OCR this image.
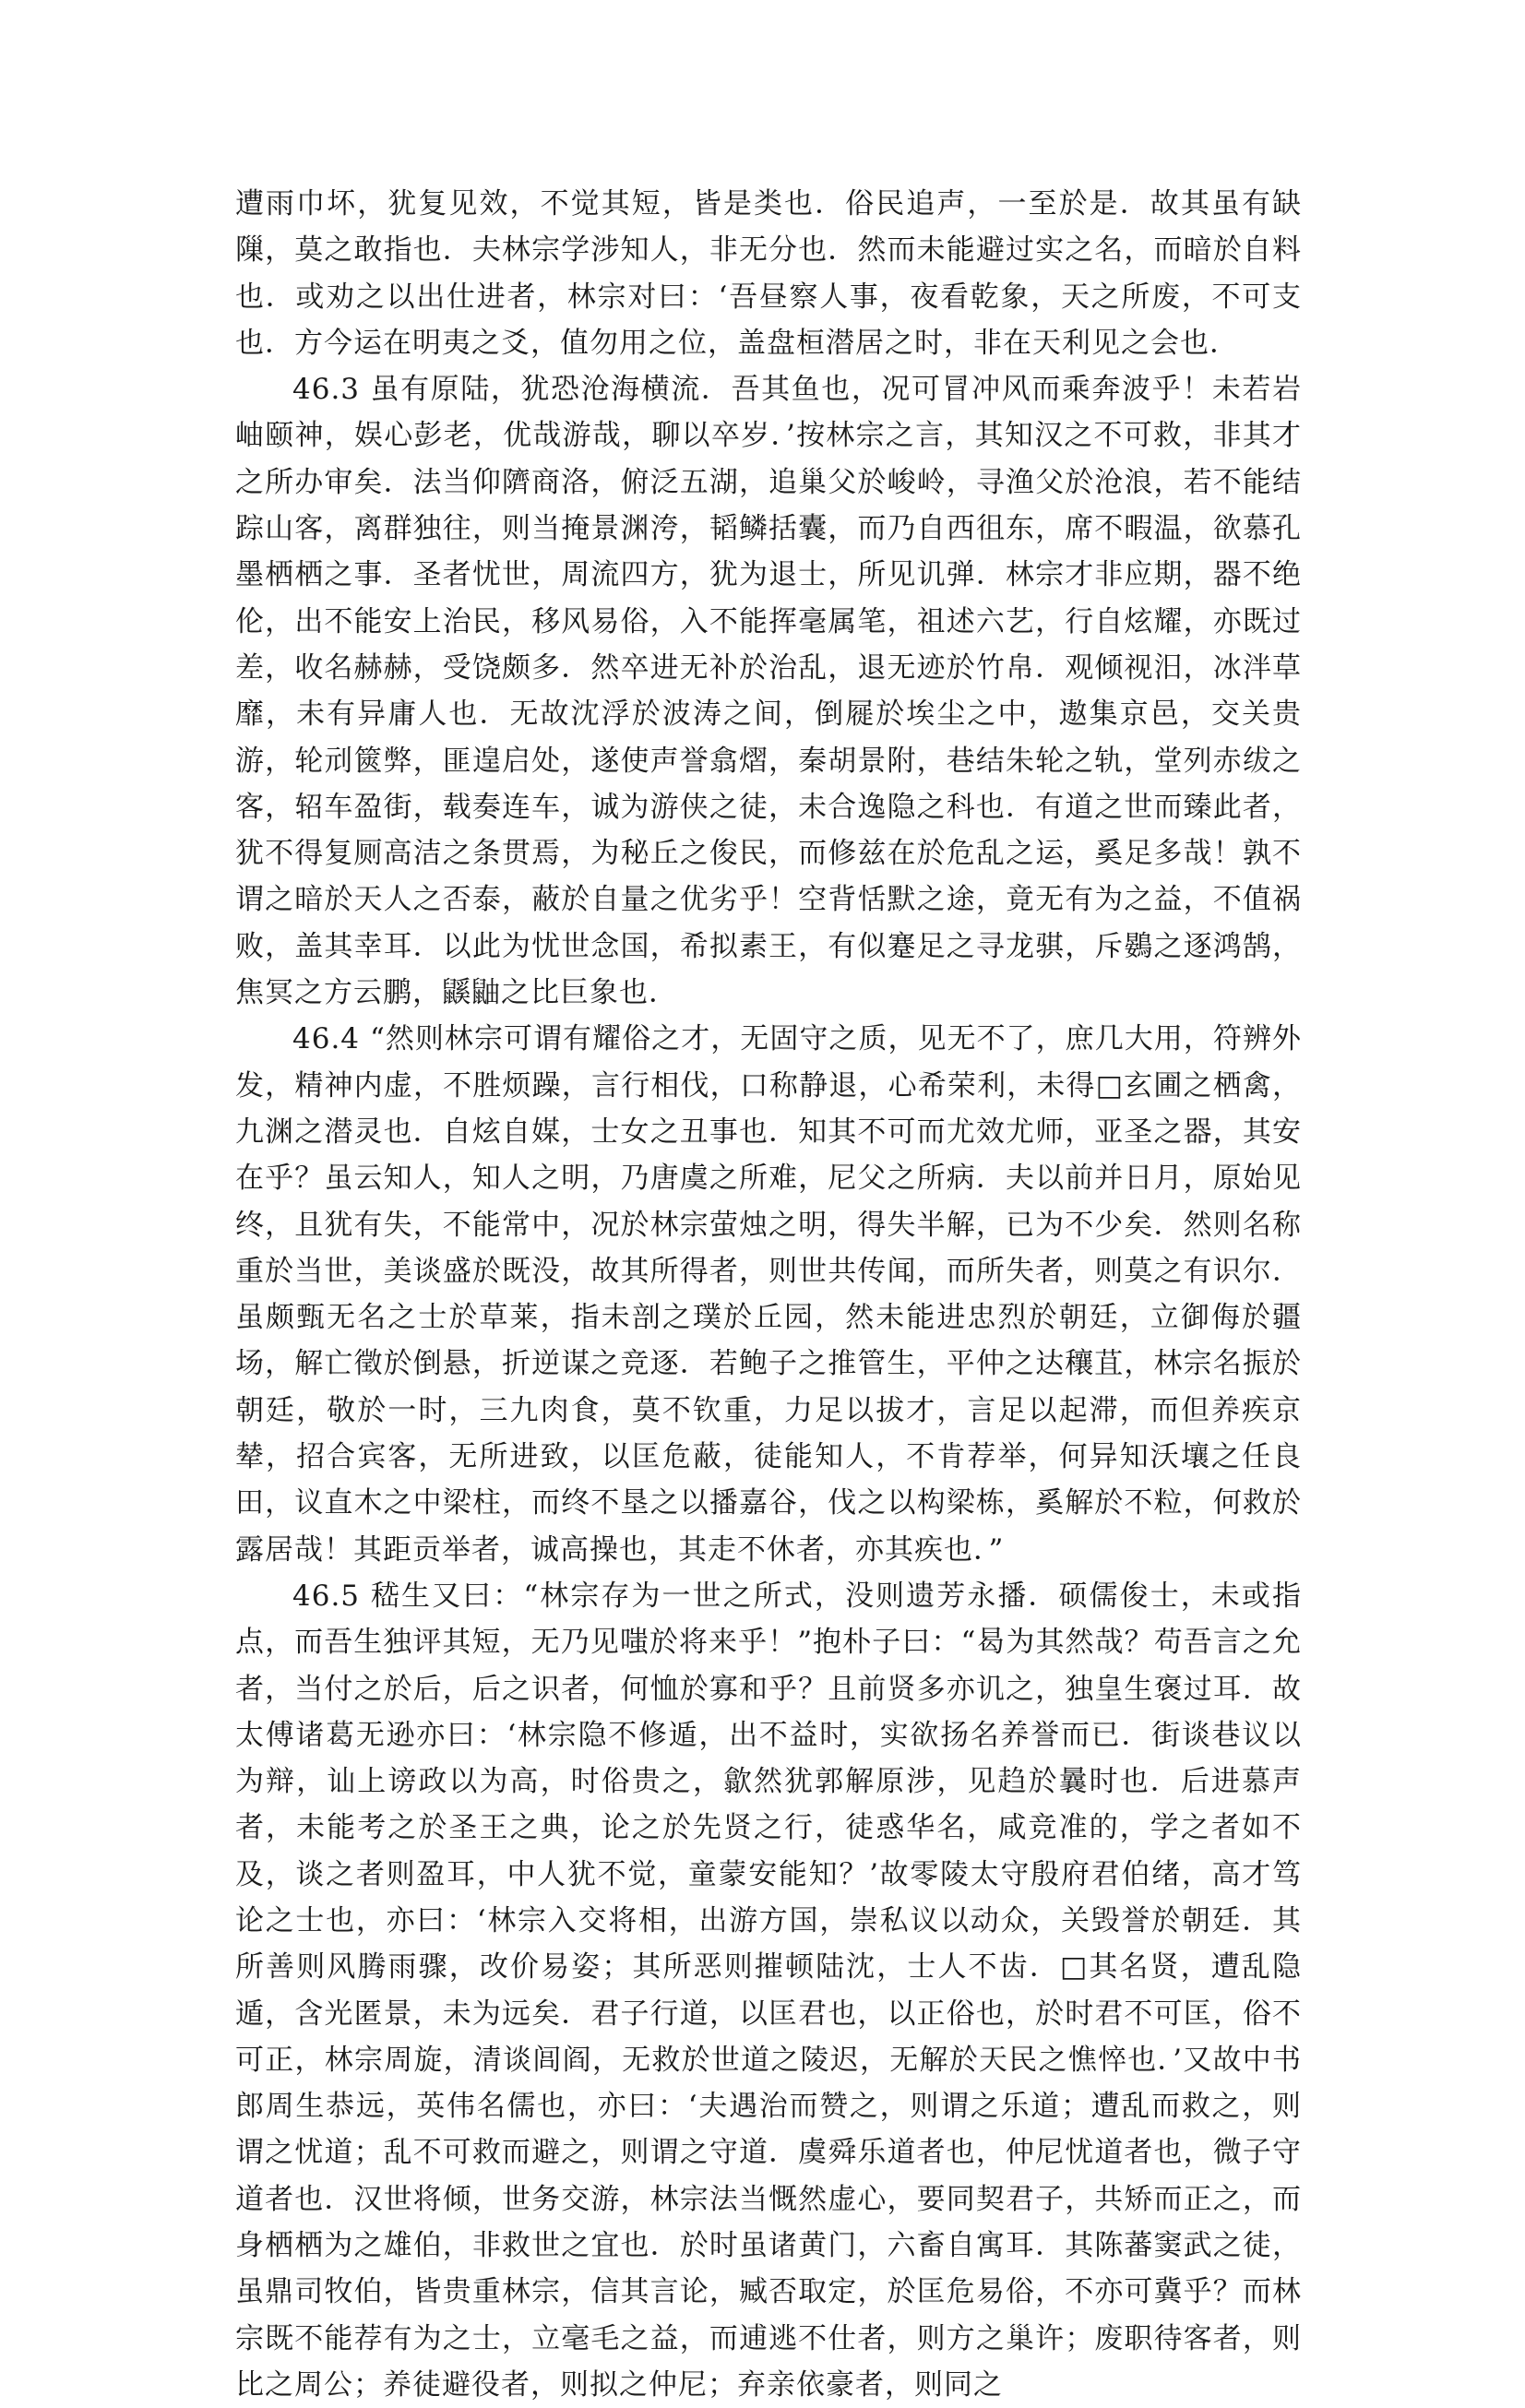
遭雨巾坏，犹复见效，不觉其短，皆是类也．俗民追声，一至於是．故其虽有缺隟，莫之敢指也．夫林宗学涉知人，非无分也．然而未能避过实之名，而暗於自料也．或劝之以出仕进者，林宗对曰：‘吾昼察人事，夜看乾象，天之所废，不可支也．方今运在明夷之爻，值勿用之位，盖盘桓潜居之时，非在天利见之会也．

46.3 虽有原陆，犹恐沧海横流．吾其鱼也，况可冒冲风而乘奔波乎！未若岩岫颐神，娱心彭老，优哉游哉，聊以卒岁．’按林宗之言，其知汉之不可救，非其才之所办审矣．法当仰隮商洛，俯泛五湖，追巢父於峻岭，寻渔父於沧浪，若不能结踪山客，离群独往，则当掩景渊洿，韬鳞括囊，而乃自西徂东，席不暇温，欲慕孔墨栖栖之事．圣者忧世，周流四方，犹为退士，所见讥弹．林宗才非应期，器不绝伦，出不能安上治民，移风易俗，入不能挥毫属笔，祖述六艺，行自炫耀，亦既过差，收名赫赫，受饶颇多．然卒进无补於治乱，退无迹於竹帛．观倾视汨，冰泮草靡，未有异庸人也．无故沈浮於波涛之间，倒屣於埃尘之中，遨集京邑，交关贵游，轮刓篋弊，匪遑启处，遂使声誉翕熠，秦胡景附，巷结朱轮之轨，堂列赤绂之客，轺车盈街，载奏连车，诚为游侠之徒，未合逸隐之科也．有道之世而臻此者，犹不得复厕高洁之条贯焉，为秘丘之俊民，而修兹在於危乱之运，奚足多哉！孰不谓之暗於天人之否泰，蔽於自量之优劣乎！空背恬默之途，竟无有为之益，不值祸败，盖其幸耳．以此为忧世念国，希拟素王，有似蹇足之寻龙骐，斥鷃之逐鸿鹄，焦冥之方云鹏，鼷鼬之比巨象也．

46.4 “然则林宗可谓有耀俗之才，无固守之质，见无不了，庶几大用，符辨外发，精神内虚，不胜烦躁，言行相伐，口称静退，心希荣利，未得□玄圃之栖禽，九渊之潜灵也．自炫自媒，士女之丑事也．知其不可而尤效尤师，亚圣之器，其安在乎？虽云知人，知人之明，乃唐虞之所难，尼父之所病．夫以前并日月，原始见终，且犹有失，不能常中，况於林宗萤烛之明，得失半解，已为不少矣．然则名称重於当世，美谈盛於既没，故其所得者，则世共传闻，而所失者，则莫之有识尔．虽颇甄无名之士於草莱，指未剖之璞於丘园，然未能进忠烈於朝廷，立御侮於疆场，解亡徵於倒悬，折逆谋之竞逐．若鲍子之推管生，平仲之达穰苴，林宗名振於朝廷，敬於一时，三九肉食，莫不钦重，力足以拔才，言足以起滞，而但养疾京辇，招合宾客，无所进致，以匡危蔽，徒能知人，不肯荐举，何异知沃壤之任良田，议直木之中梁柱，而终不垦之以播嘉谷，伐之以构梁栋，奚解於不粒，何救於露居哉！其距贡举者，诚高操也，其走不休者，亦其疾也．”

46.5 嵇生又曰：“林宗存为一世之所式，没则遗芳永播．硕儒俊士，未或指点，而吾生独评其短，无乃见嗤於将来乎！”抱朴子曰：“曷为其然哉？苟吾言之允者，当付之於后，后之识者，何恤於寡和乎？且前贤多亦讥之，独皇生褒过耳．故太傅诸葛无逊亦曰：‘林宗隐不修遁，出不益时，实欲扬名养誉而已．街谈巷议以为辩，讪上谤政以为高，时俗贵之，歙然犹郭解原涉，见趋於曩时也．后进慕声者，未能考之於圣王之典，论之於先贤之行，徒惑华名，咸竞准的，学之者如不及，谈之者则盈耳，中人犹不觉，童蒙安能知？’故零陵太守殷府君伯绪，高才笃论之士也，亦曰：‘林宗入交将相，出游方国，崇私议以动众，关毁誉於朝廷．其所善则风腾雨骤，改价易姿；其所恶则摧顿陆沈，士人不齿．□其名贤，遭乱隐遁，含光匿景，未为远矣．君子行道，以匡君也，以正俗也，於时君不可匡，俗不可正，林宗周旋，清谈闾阎，无救於世道之陵迟，无解於天民之憔悴也．’又故中书郎周生恭远，英伟名儒也，亦曰：‘夫遇治而赞之，则谓之乐道；遭乱而救之，则谓之忧道；乱不可救而避之，则谓之守道．虞舜乐道者也，仲尼忧道者也，微子守道者也．汉世将倾，世务交游，林宗法当慨然虚心，要同契君子，共矫而正之，而身栖栖为之雄伯，非救世之宜也．於时虽诸黄门，六畜自寓耳．其陈蕃窦武之徒，虽鼎司牧伯，皆贵重林宗，信其言论，臧否取定，於匡危易俗，不亦可冀乎？而林宗既不能荐有为之士，立毫毛之益，而逋逃不仕者，则方之巢许；废职待客者，则比之周公；养徒避役者，则拟之仲尼；弃亲依豪者，则同之
